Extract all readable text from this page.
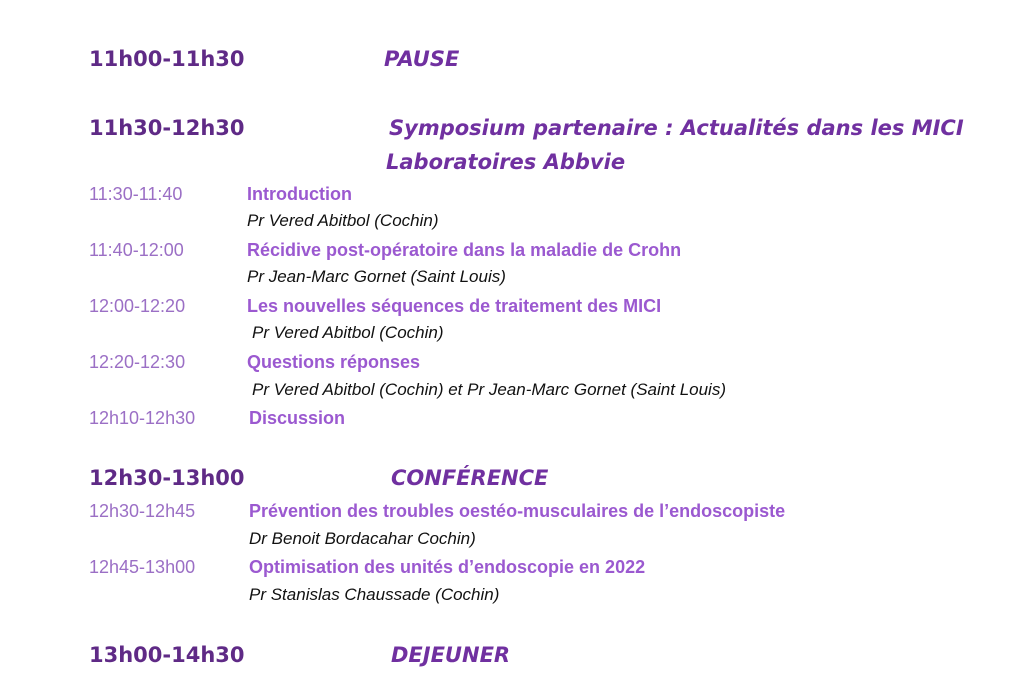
11h00-11h30	PAUSE
11h30-12h30	Symposium partenaire : Actualités dans les MICI
Laboratoires Abbvie
11:30-11:40	Introduction
Pr Vered Abitbol (Cochin)
11:40-12:00	Récidive post-opératoire dans la maladie de Crohn
Pr Jean-Marc Gornet (Saint Louis)
12:00-12:20	Les nouvelles séquences de traitement des MICI
Pr Vered Abitbol (Cochin)
12:20-12:30	Questions réponses
Pr Vered Abitbol (Cochin) et Pr Jean-Marc Gornet (Saint Louis)
12h10-12h30	Discussion
12h30-13h00	CONFÉRENCE
12h30-12h45	Prévention des troubles oestéo-musculaires de l’endoscopiste
Dr Benoit Bordacahar Cochin)
12h45-13h00	Optimisation des unités d’endoscopie en 2022
Pr Stanislas Chaussade (Cochin)
13h00-14h30	DEJEUNER
